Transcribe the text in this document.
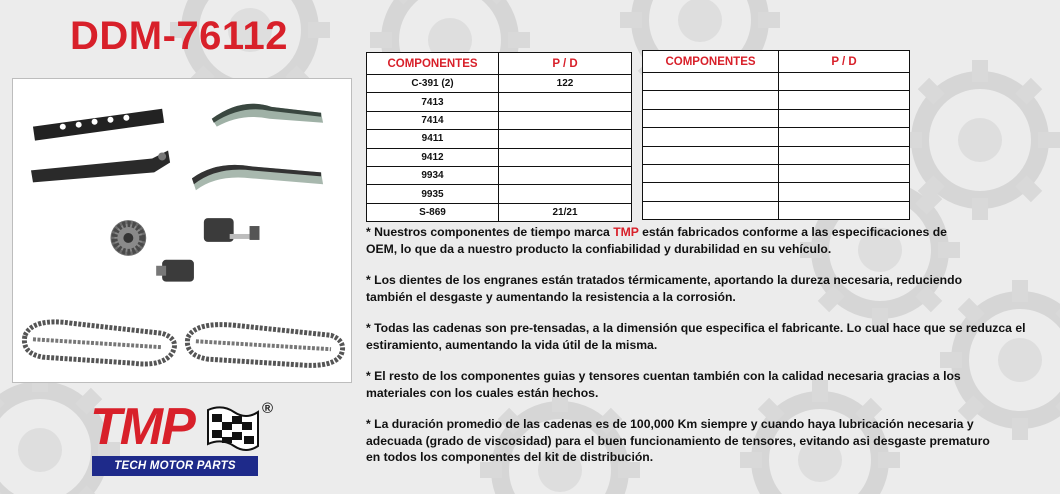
DDM-76112
TMP	®
TECH MOTOR PARTS
COMPONENTES	P / D
C-391 (2)	122
7413	
7414	
9411	
9412	
9934	
9935	
S-869	21/21
COMPONENTES	P / D

* Nuestros componentes de tiempo marca TMP están fabricados conforme a las especificaciones de OEM, lo que da a nuestro producto la confiabilidad y durabilidad en su vehículo.

* Los dientes de los engranes están tratados térmicamente, aportando la dureza necesaria, reduciendo también el desgaste y aumentando la resistencia a la corrosión.

* Todas las cadenas son pre-tensadas, a la dimensión que especifica el fabricante. Lo cual hace que se reduzca el estiramiento, aumentando la vida útil de la misma.

* El resto de los componentes guias y tensores cuentan también con la calidad necesaria gracias a los materiales con los cuales están hechos.

* La duración promedio de las cadenas es de 100,000 Km siempre y cuando haya lubricación necesaria y adecuada (grado de viscosidad) para el buen funcionamiento de tensores, evitando asi desgaste prematuro en todos los componentes del kit de distribución.
